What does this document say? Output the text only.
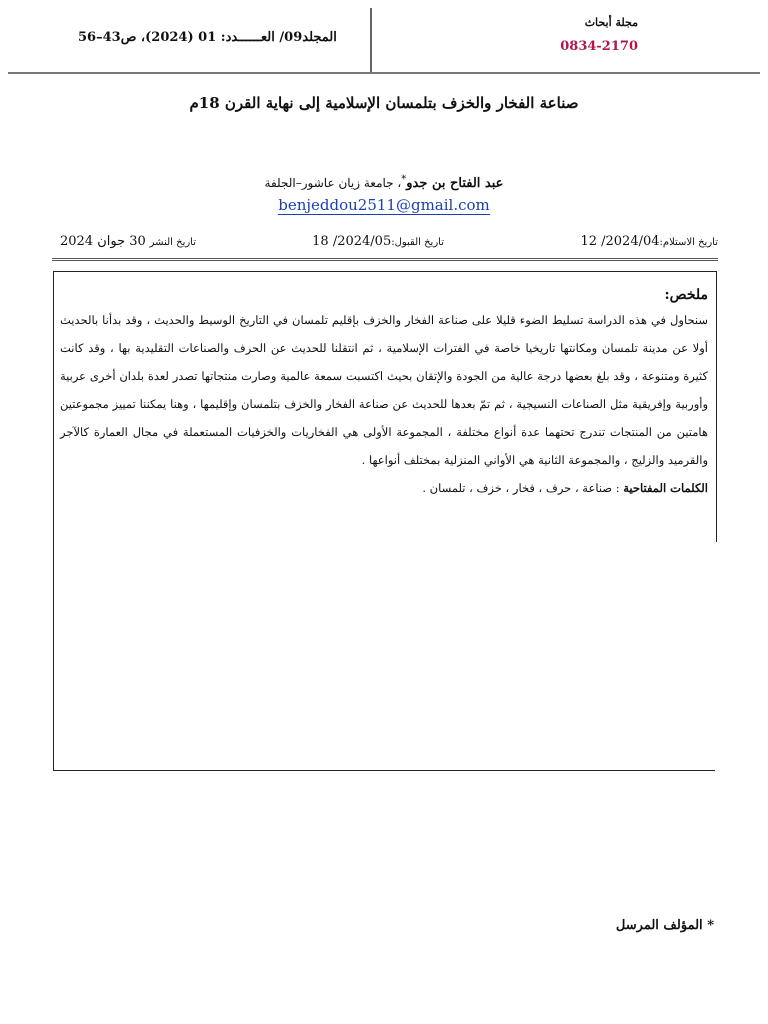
المجلد09/ العــــــدد: 01 (2024)، ص43–56
مجلة أبحاث
0834-2170
صناعة الفخار والخزف بتلمسان الإسلامية إلى نهاية القرن 18م
عبد الفتاح بن جدو*، جامعة زيان عاشور–الجلفة
benjeddou2511@gmail.com
تاريخ الاستلام:2024/04/ 12
تاريخ القبول:2024/05/ 18
تاريخ النشر 30 جوان 2024
ملخص:
سنحاول في هذه الدراسة تسليط الضوء قليلا على صناعة الفخار والخزف بإقليم تلمسان في التاريخ الوسيط والحديث ، وقد بدأنا بالحديث أولا عن مدينة تلمسان ومكانتها تاريخيا خاصة في الفترات الإسلامية ، ثم انتقلنا للحديث عن الحرف والصناعات التقليدية بها ، وقد كانت كثيرة ومتنوعة ، وقد بلغ بعضها درجة عالية من الجودة والإتقان بحيث اكتسبت سمعة عالمية وصارت منتجاتها تصدر لعدة بلدان أخرى عربية وأوربية وإفريقية مثل الصناعات النسيجية ، ثم تمّ بعدها للحديث عن صناعة الفخار والخزف بتلمسان وإقليمها ، وهنا يمكننا تمييز مجموعتين هامتين من المنتجات تندرج تحتهما عدة أنواع مختلفة ، المجموعة الأولى هي الفخاريات والخزفيات المستعملة في مجال العمارة كالآجر والقرميد والزليج ، والمجموعة الثانية هي الأواني المنزلية بمختلف أنواعها .
الكلمات المفتاحية : صناعة ، حرف ، فخار ، خزف ، تلمسان .
* المؤلف المرسل
